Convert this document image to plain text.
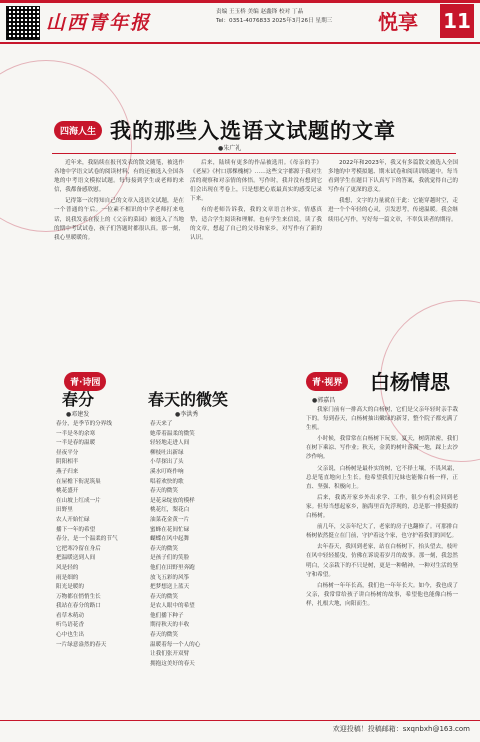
山西青年报	责编 王玉桥 美编 赵鑫锋 校对 丁晶
Tel：0351-4076833 2025年3月26日 星期三	悦享 11
四海人生 我的那些入选语文试题的文章
●朱广礼

近年来，我陆续在报刊发表的散文随笔，被选作各地中学语文试卷的阅读材料，有的还被选入全国各地的中考语文模拟试题。每每接到学生或老师的来信，我都备感欣慰。

记得第一次得知自己的文章入选语文试题，是在一个普通的午后。一位素不相识的中学老师打来电话，说我发表在报上的《父亲的菜园》被选入了当地的期中考试试卷，孩子们答题时都很认真。那一刻，我心里暖暖的。

后来，陆续有更多的作品被选用。《母亲的手》《老屋》《村口那棵槐树》……这些文字都源于我对生活的观察和对亲情的体悟。写作时，我并没有想到它们会出现在考卷上，只是想把心底最真实的感受记录下来。

有的老师告诉我，我的文章语言朴实，情感真挚，适合学生阅读和理解。也有学生来信说，读了我的文章，想起了自己的父母和家乡，对写作有了新的认识。

2022年和2023年，我又有多篇散文被选入全国多地的中考模拟题、期末试卷和阅读训练题中。每当看到学生在题目下认真写下的答案，我就觉得自己的写作有了更深的意义。

我想，文字的力量就在于此：它能穿越时空，走进一个个年轻的心灵，引发思考，传递温暖。我会继续用心写作，写好每一篇文章，不辜负读者的期待。

青·诗园
春分
●邓建发
春天的微笑
●李洪秀
春分，是季节的分界线
一半是冬的余寒
一半是春的温暖
昼夜平分
阴阳相半
燕子归来
在屋檐下衔泥筑巢
桃花盛开
在山坡上红成一片
田野里
农人开始忙碌
播下一年的希望
春分，是一个温柔的节气
它把寒冷留在身后
把温暖送到人间
风是轻的
雨是细的
阳光是暖的
万物都在悄悄生长
我站在春分的路口
看草木萌动
听鸟语花香
心中也生出
一片绿意盎然的春天
春天来了
她带着温柔的微笑
轻轻地走进人间
柳枝吐出新绿
小草探出了头
溪水叮咚作响
唱着欢快的歌
春天的微笑
是花朵绽放的模样
桃花红，梨花白
油菜花金黄一片
蜜蜂在花间忙碌
蝴蝶在风中起舞
春天的微笑
是孩子们的笑脸
他们在田野里奔跑
放飞五彩的风筝
把梦想送上蓝天
春天的微笑
是农人眼中的希望
他们播下种子
期待秋天的丰收
春天的微笑
温暖着每一个人的心
让我们张开双臂
拥抱这美好的春天
青·视界	白杨情思
●郭嘉昌

我家门前有一排高大的白杨树，它们是父亲年轻时亲手栽下的。每到春天，白杨树抽出嫩绿的新芽，整个院子都充满了生机。

小时候，我常常在白杨树下玩耍。夏天，树荫浓密，我们在树下乘凉、写作业；秋天，金黄的树叶落满一地，踩上去沙沙作响。

父亲说，白杨树是最朴实的树，它不择土壤，不畏风霜，总是笔直地向上生长。他希望我们兄妹也能像白杨一样，正直、坚强、积极向上。

后来，我离开家乡外出求学、工作，很少有机会回到老家。但每当想起家乡，脑海里首先浮现的，总是那一排挺拔的白杨树。

前几年，父亲年纪大了，老家的房子也翻修了。可那排白杨树依然挺立在门前，守护着这个家，也守护着我们的回忆。

去年春天，我回到老家，站在白杨树下，抬头望去，枝叶在风中轻轻摇曳，仿佛在诉说着岁月的故事。那一刻，我忽然明白，父亲栽下的不只是树，更是一种精神，一种对生活的坚守和希望。

白杨树一年年长高，我们也一年年长大。如今，我也成了父亲，我常常给孩子讲白杨树的故事，希望他也能像白杨一样，扎根大地，向阳而生。

欢迎投稿！投稿邮箱：sxqnbxh@163.com
